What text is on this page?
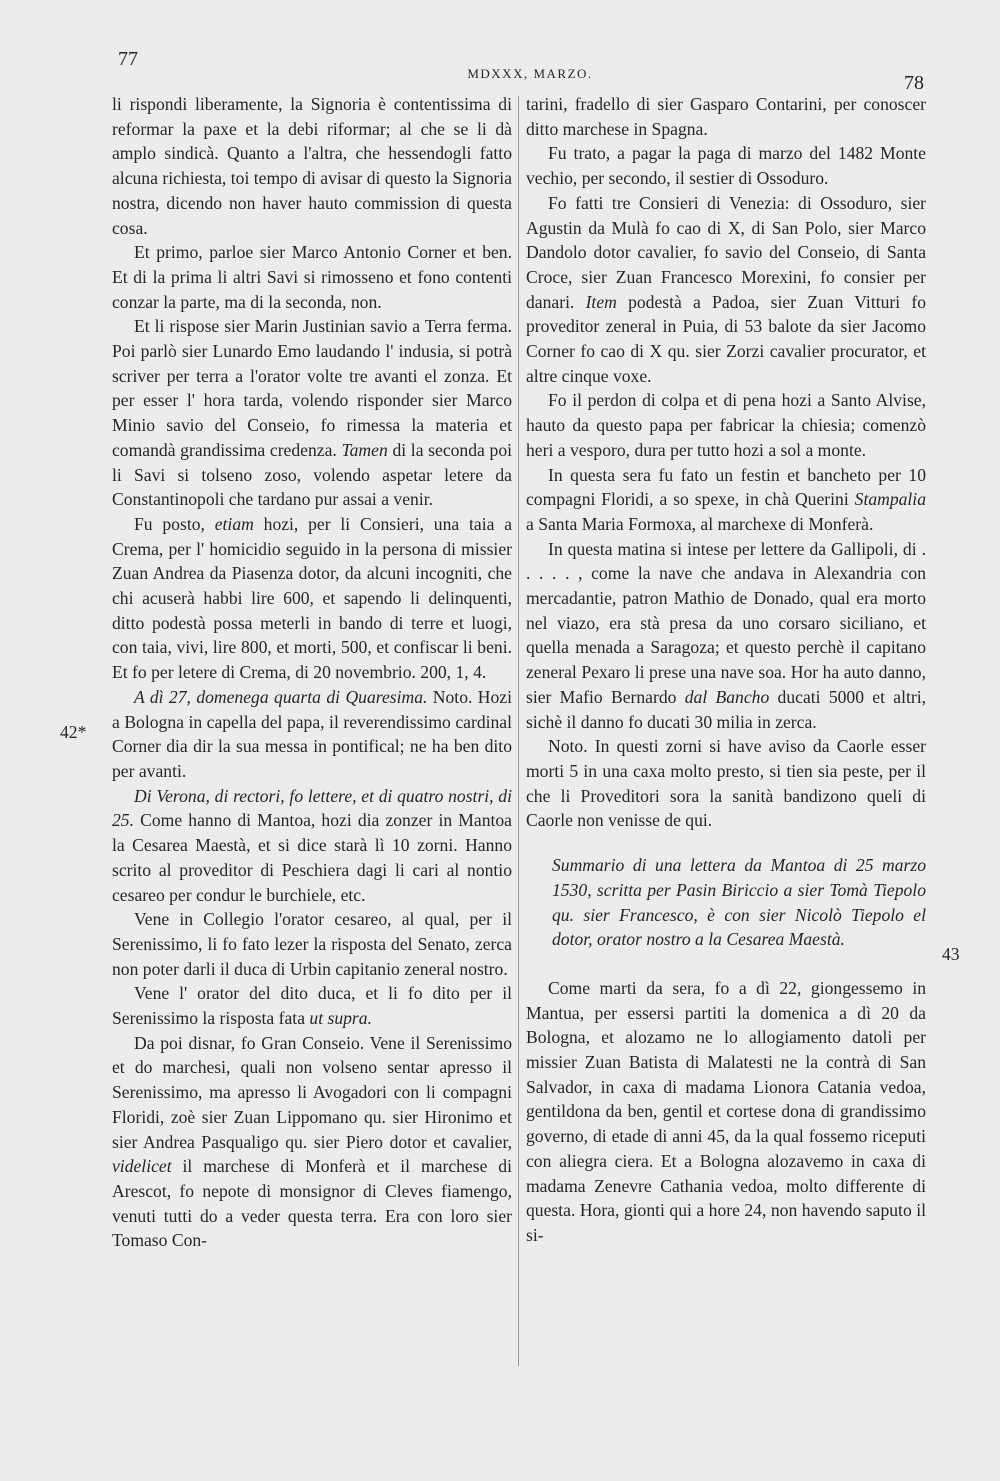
77
MDXXX, MARZO.	78
42*
43

li rispondi liberamente, la Signoria è contentissima di reformar la paxe et la debi riformar; al che se li dà amplo sindicà. Quanto a l'altra, che hessendogli fatto alcuna richiesta, toi tempo di avisar di questo la Signoria nostra, dicendo non haver hauto commission di questa cosa.

Et primo, parloe sier Marco Antonio Corner et ben. Et di la prima li altri Savi si rimosseno et fono contenti conzar la parte, ma di la seconda, non.

Et li rispose sier Marin Justinian savio a Terra ferma. Poi parlò sier Lunardo Emo laudando l' indusia, si potrà scriver per terra a l'orator volte tre avanti el zonza. Et per esser l' hora tarda, volendo risponder sier Marco Minio savio del Conseio, fo rimessa la materia et comandà grandissima credenza. Tamen di la seconda poi li Savi si tolseno zoso, volendo aspetar letere da Constantinopoli che tardano pur assai a venir.

Fu posto, etiam hozi, per li Consieri, una taia a Crema, per l' homicidio seguido in la persona di missier Zuan Andrea da Piasenza dotor, da alcuni incogniti, che chi acuserà habbi lire 600, et sapendo li delinquenti, ditto podestà possa meterli in bando di terre et luogi, con taia, vivi, lire 800, et morti, 500, et confiscar li beni. Et fo per letere di Crema, di 20 novembrio. 200, 1, 4.

A dì 27, domenega quarta di Quaresima. Noto. Hozi a Bologna in capella del papa, il reverendissimo cardinal Corner dia dir la sua messa in pontifical; ne ha ben dito per avanti.

Di Verona, di rectori, fo lettere, et di quatro nostri, di 25. Come hanno di Mantoa, hozi dia zonzer in Mantoa la Cesarea Maestà, et si dice starà lì 10 zorni. Hanno scrito al proveditor di Peschiera dagi li cari al nontio cesareo per condur le burchiele, etc.

Vene in Collegio l'orator cesareo, al qual, per il Serenissimo, li fo fato lezer la risposta del Senato, zerca non poter darli il duca di Urbin capitanio zeneral nostro.

Vene l' orator del dito duca, et li fo dito per il Serenissimo la risposta fata ut supra.

Da poi disnar, fo Gran Conseio. Vene il Serenissimo et do marchesi, quali non volseno sentar apresso il Serenissimo, ma apresso li Avogadori con li compagni Floridi, zoè sier Zuan Lippomano qu. sier Hironimo et sier Andrea Pasqualigo qu. sier Piero dotor et cavalier, videlicet il marchese di Monferà et il marchese di Arescot, fo nepote di monsignor di Cleves fiamengo, venuti tutti do a veder questa terra. Era con loro sier Tomaso Con-

tarini, fradello di sier Gasparo Contarini, per conoscer ditto marchese in Spagna.

Fu trato, a pagar la paga di marzo del 1482 Monte vechio, per secondo, il sestier di Ossoduro.

Fo fatti tre Consieri di Venezia: di Ossoduro, sier Agustin da Mulà fo cao di X, di San Polo, sier Marco Dandolo dotor cavalier, fo savio del Conseio, di Santa Croce, sier Zuan Francesco Morexini, fo consier per danari. Item podestà a Padoa, sier Zuan Vitturi fo proveditor zeneral in Puia, di 53 balote da sier Jacomo Corner fo cao di X qu. sier Zorzi cavalier procurator, et altre cinque voxe.

Fo il perdon di colpa et di pena hozi a Santo Alvise, hauto da questo papa per fabricar la chiesia; comenzò heri a vesporo, dura per tutto hozi a sol a monte.

In questa sera fu fato un festin et bancheto per 10 compagni Floridi, a so spexe, in chà Querini Stampalia a Santa Maria Formoxa, al marchexe di Monferà.

In questa matina si intese per lettere da Gallipoli, di . . . . . , come la nave che andava in Alexandria con mercadantie, patron Mathio de Donado, qual era morto nel viazo, era stà presa da uno corsaro siciliano, et quella menada a Saragoza; et questo perchè il capitano zeneral Pexaro li prese una nave soa. Hor ha auto danno, sier Mafio Bernardo dal Bancho ducati 5000 et altri, sichè il danno fo ducati 30 milia in zerca.

Noto. In questi zorni si have aviso da Caorle esser morti 5 in una caxa molto presto, si tien sia peste, per il che li Proveditori sora la sanità bandizono queli di Caorle non venisse de qui.

Summario di una lettera da Mantoa di 25 marzo 1530, scritta per Pasin Biriccio a sier Tomà Tiepolo qu. sier Francesco, è con sier Nicolò Tiepolo el dotor, orator nostro a la Cesarea Maestà.

Come marti da sera, fo a dì 22, giongessemo in Mantua, per essersi partiti la domenica a dì 20 da Bologna, et alozamo ne lo allogiamento datoli per missier Zuan Batista di Malatesti ne la contrà di San Salvador, in caxa di madama Lionora Catania vedoa, gentildona da ben, gentil et cortese dona di grandissimo governo, di etade di anni 45, da la qual fossemo riceputi con aliegra ciera. Et a Bologna alozavemo in caxa di madama Zenevre Cathania vedoa, molto differente di questa. Hora, gionti qui a hore 24, non havendo saputo il si-
